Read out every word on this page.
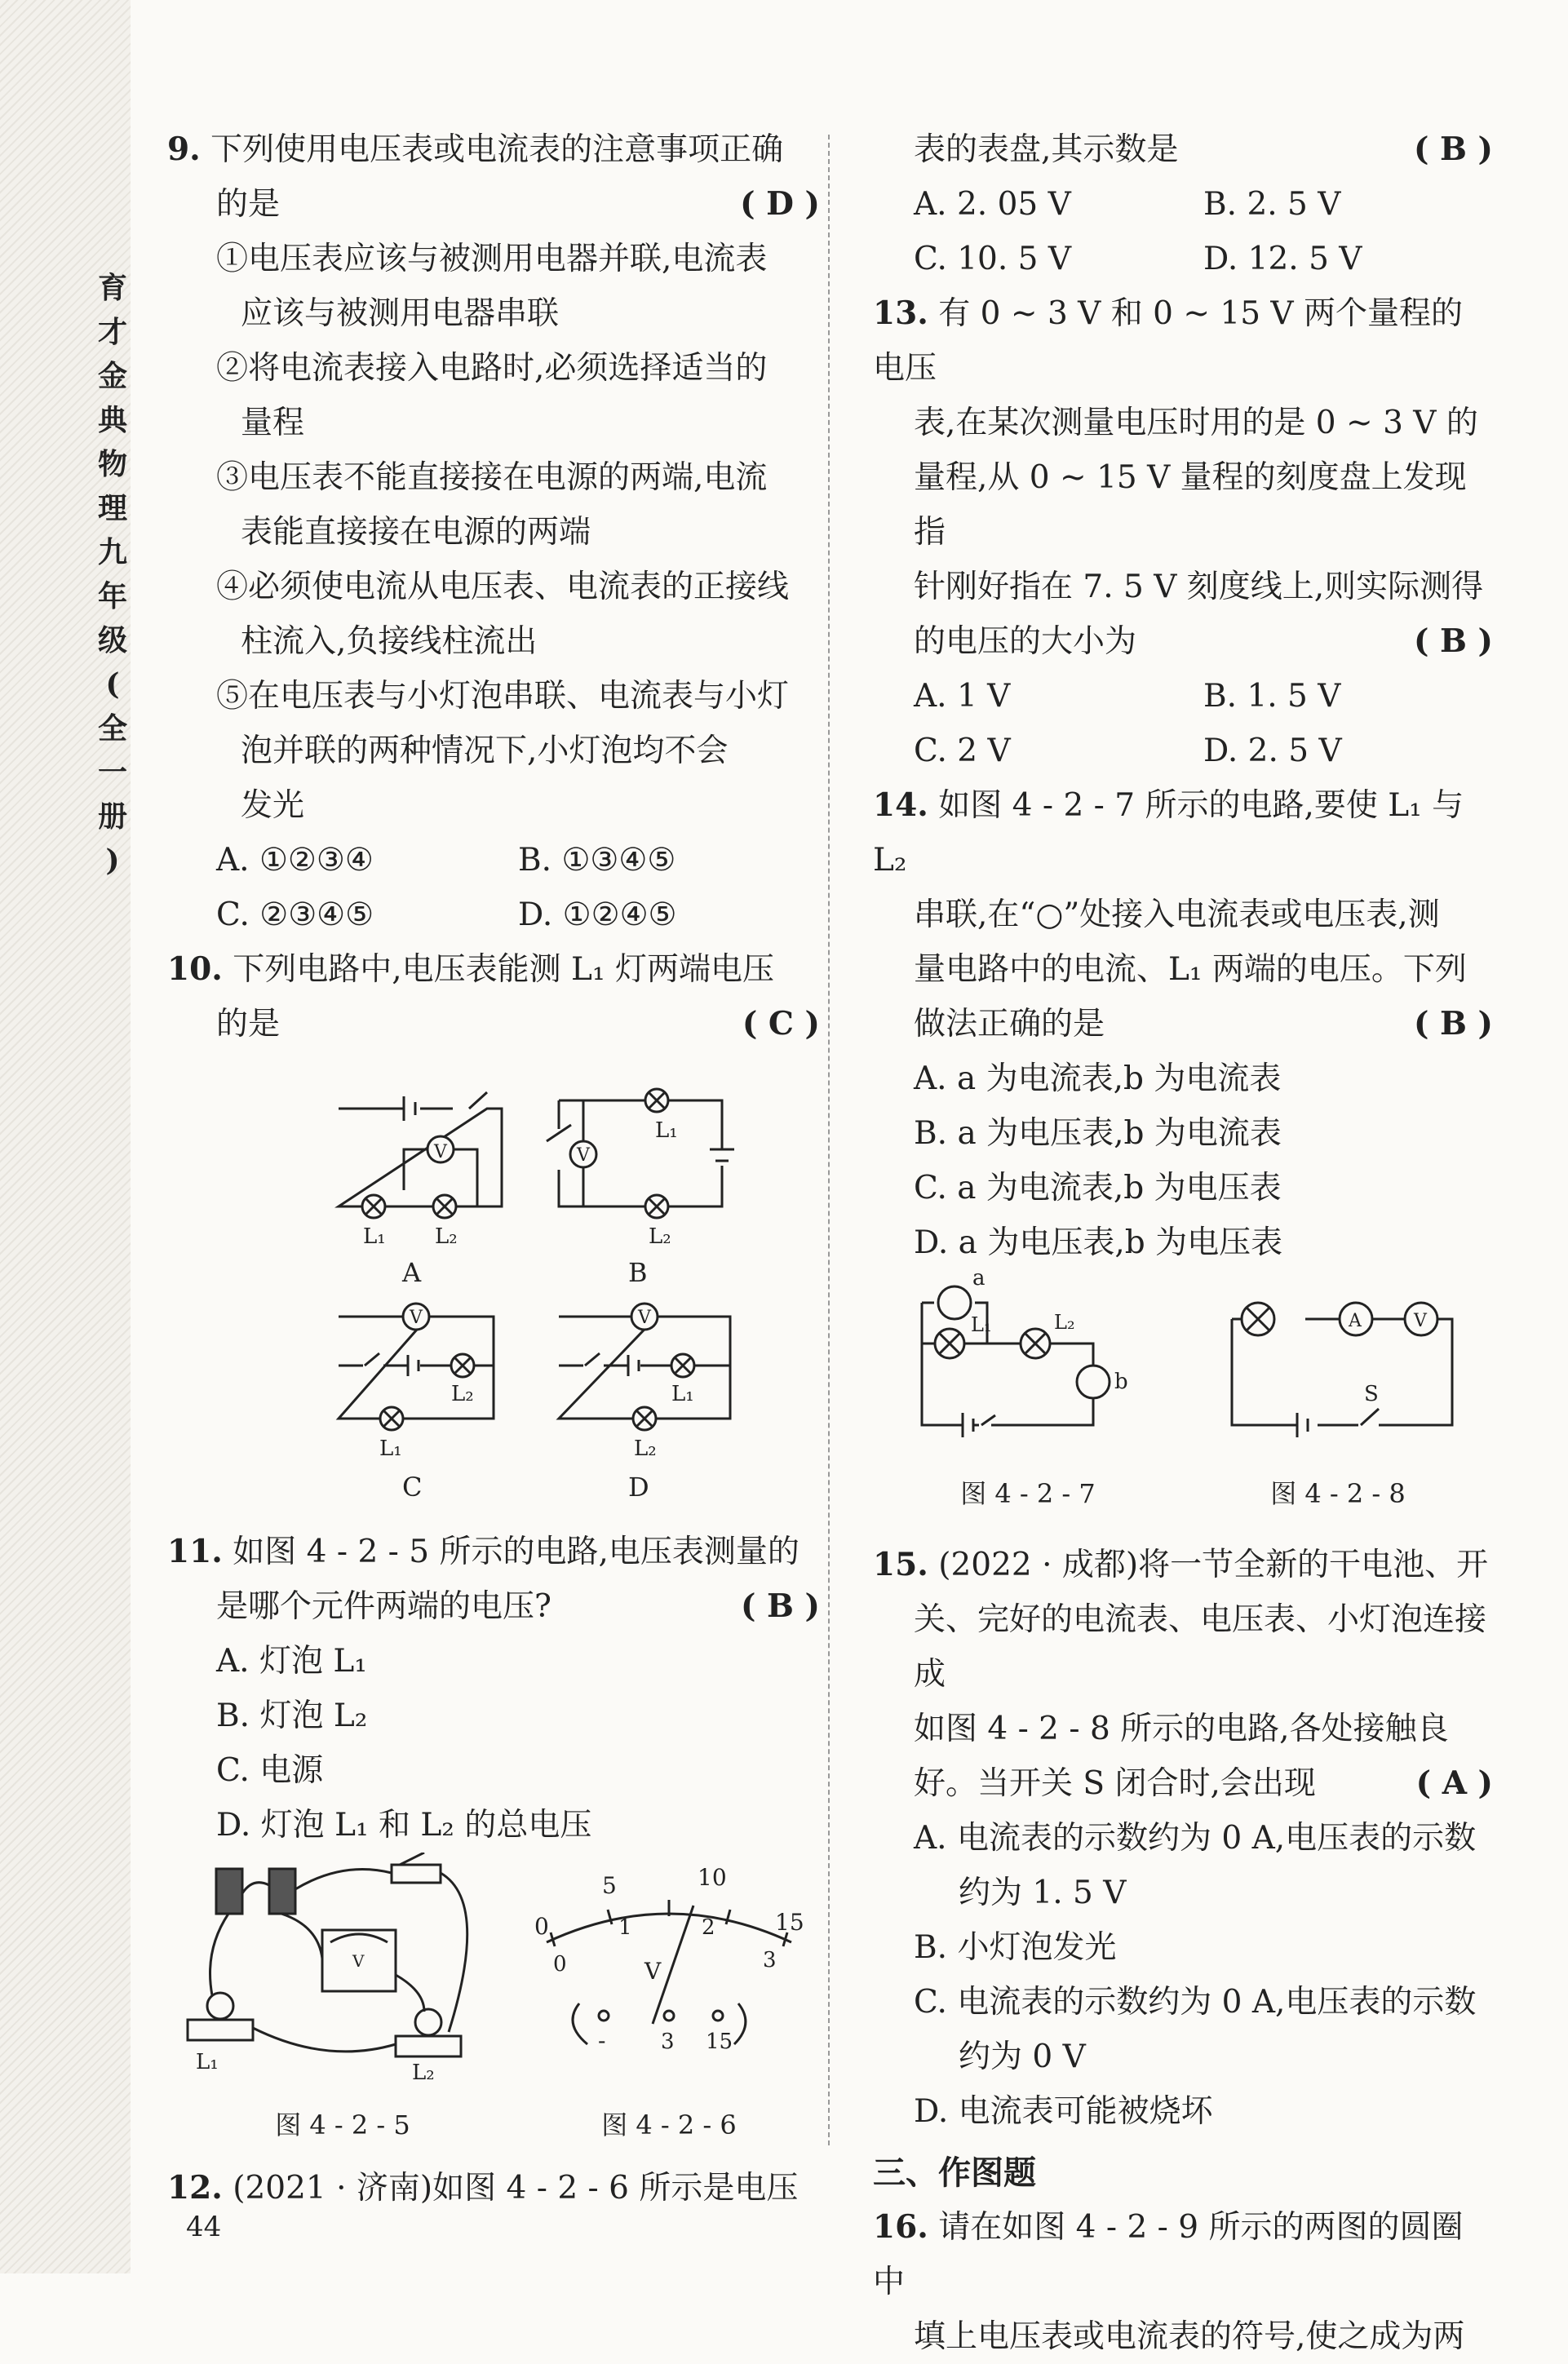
育
才
金
典
物
理
九
年
级
(
全
一
册
)

9. 下列使用电压表或电流表的注意事项正确

的是	( D )

①电压表应该与被测用电器并联,电流表

应该与被测用电器串联

②将电流表接入电路时,必须选择适当的

量程

③电压表不能直接接在电源的两端,电流

表能直接接在电源的两端

④必须使电流从电压表、电流表的正接线

柱流入,负接线柱流出

⑤在电压表与小灯泡串联、电流表与小灯

泡并联的两种情况下,小灯泡均不会

发光

A. ①②③④	B. ①③④⑤
C. ②③④⑤	D. ①②④⑤

10. 下列电路中,电压表能测 L₁ 灯两端电压

的是	( C )

V
L₁ L₂
A
V
L₁
L₂
B
V
L₂
L₁
C
V
L₁
L₂
D

11. 如图 4 - 2 - 5 所示的电路,电压表测量的

是哪个元件两端的电压?	( B )

A. 灯泡 L₁

B. 灯泡 L₂

C. 电源

D. 灯泡 L₁ 和 L₂ 的总电压

V
L₁	L₂
图 4 - 2 - 5
0
5	10
15
0
1	2
3
V
-	3 15
图 4 - 2 - 6

12. (2021 · 济南)如图 4 - 2 - 6 所示是电压

表的表盘,其示数是	( B )

A. 2. 05 V	B. 2. 5 V
C. 10. 5 V	D. 12. 5 V

13. 有 0 ~ 3 V 和 0 ~ 15 V 两个量程的电压

表,在某次测量电压时用的是 0 ~ 3 V 的

量程,从 0 ~ 15 V 量程的刻度盘上发现指

针刚好指在 7. 5 V 刻度线上,则实际测得

的电压的大小为	( B )

A. 1 V	B. 1. 5 V
C. 2 V	D. 2. 5 V

14. 如图 4 - 2 - 7 所示的电路,要使 L₁ 与 L₂

串联,在“○”处接入电流表或电压表,测

量电路中的电流、L₁ 两端的电压。下列

做法正确的是	( B )

A. a 为电流表,b 为电流表

B. a 为电压表,b 为电流表

C. a 为电流表,b 为电压表

D. a 为电压表,b 为电压表

a
L₁	L₂
b
图 4 - 2 - 7
A	V
S
图 4 - 2 - 8

15. (2022 · 成都)将一节全新的干电池、开

关、完好的电流表、电压表、小灯泡连接成

如图 4 - 2 - 8 所示的电路,各处接触良

好。当开关 S 闭合时,会出现	( A )

A. 电流表的示数约为 0 A,电压表的示数

约为 1. 5 V

B. 小灯泡发光

C. 电流表的示数约为 0 A,电压表的示数

约为 0 V

D. 电流表可能被烧坏

三、作图题

16. 请在如图 4 - 2 - 9 所示的两图的圆圈中

填上电压表或电流表的符号,使之成为两

44
